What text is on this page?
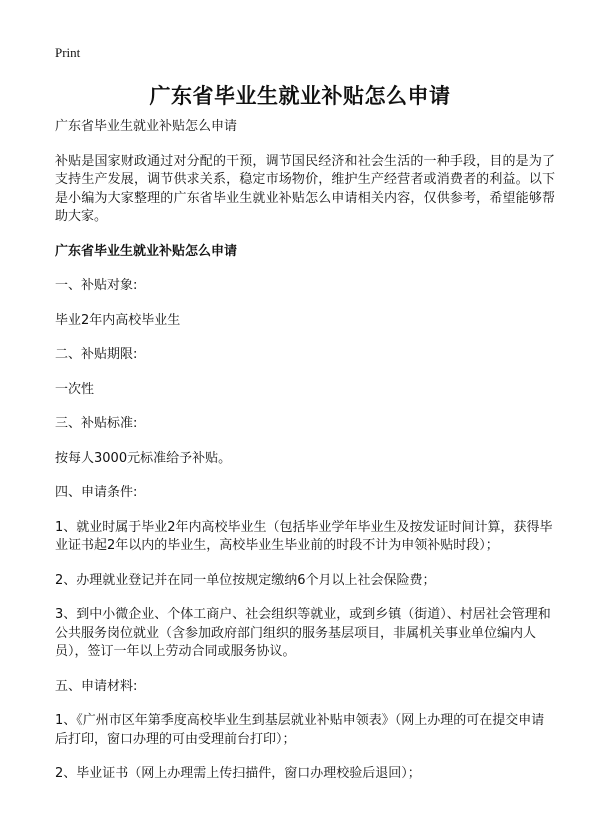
Print
广东省毕业生就业补贴怎么申请

广东省毕业生就业补贴怎么申请

补贴是国家财政通过对分配的干预，调节国民经济和社会生活的一种手段，目的是为了支持生产发展，调节供求关系，稳定市场物价，维护生产经营者或消费者的利益。以下是小编为大家整理的广东省毕业生就业补贴怎么申请相关内容，仅供参考，希望能够帮助大家。

广东省毕业生就业补贴怎么申请

一、补贴对象:

毕业2年内高校毕业生

二、补贴期限:

一次性

三、补贴标准:

按每人3000元标准给予补贴。

四、申请条件:

1、就业时属于毕业2年内高校毕业生（包括毕业学年毕业生及按发证时间计算，获得毕业证书起2年以内的毕业生，高校毕业生毕业前的时段不计为申领补贴时段）；

2、办理就业登记并在同一单位按规定缴纳6个月以上社会保险费；

3、到中小微企业、个体工商户、社会组织等就业，或到乡镇（街道）、村居社会管理和公共服务岗位就业（含参加政府部门组织的服务基层项目，非属机关事业单位编内人员），签订一年以上劳动合同或服务协议。

五、申请材料:

1、《广州市区年第季度高校毕业生到基层就业补贴申领表》（网上办理的可在提交申请后打印，窗口办理的可由受理前台打印）；

2、毕业证书（网上办理需上传扫描件，窗口办理校验后退回）；
